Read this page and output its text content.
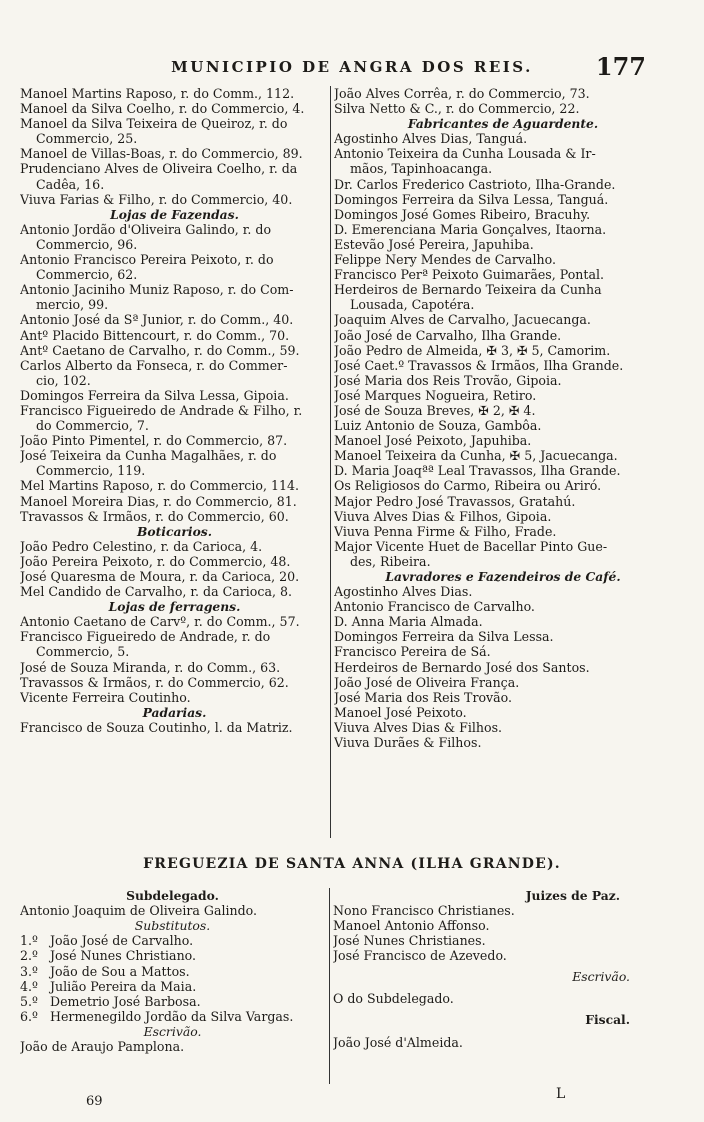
MUNICIPIO DE ANGRA DOS REIS.	177
Manoel Martins Raposo, r. do Comm., 112.
Manoel da Silva Coelho, r. do Commercio, 4.
Manoel da Silva Teixeira de Queiroz, r. do
Commercio, 25.
Manoel de Villas-Boas, r. do Commercio, 89.
Prudenciano Alves de Oliveira Coelho, r. da
Cadêa, 16.
Viuva Farias & Filho, r. do Commercio, 40.
Lojas de Fazendas.
Antonio Jordão d'Oliveira Galindo, r. do
Commercio, 96.
Antonio Francisco Pereira Peixoto, r. do
Commercio, 62.
Antonio Jaciniho Muniz Raposo, r. do Com-
mercio, 99.
Antonio José da Sª Junior, r. do Comm., 40.
Antº Placido Bittencourt, r. do Comm., 70.
Antº Caetano de Carvalho, r. do Comm., 59.
Carlos Alberto da Fonseca, r. do Commer-
cio, 102.
Domingos Ferreira da Silva Lessa, Gipoia.
Francisco Figueiredo de Andrade & Filho, r.
do Commercio, 7.
João Pinto Pimentel, r. do Commercio, 87.
José Teixeira da Cunha Magalhães, r. do
Commercio, 119.
Mel Martins Raposo, r. do Commercio, 114.
Manoel Moreira Dias, r. do Commercio, 81.
Travassos & Irmãos, r. do Commercio, 60.
Boticarios.
João Pedro Celestino, r. da Carioca, 4.
João Pereira Peixoto, r. do Commercio, 48.
José Quaresma de Moura, r. da Carioca, 20.
Mel Candido de Carvalho, r. da Carioca, 8.
Lojas de ferragens.
Antonio Caetano de Carvº, r. do Comm., 57.
Francisco Figueiredo de Andrade, r. do
Commercio, 5.
José de Souza Miranda, r. do Comm., 63.
Travassos & Irmãos, r. do Commercio, 62.
Vicente Ferreira Coutinho.
Padarias.
Francisco de Souza Coutinho, l. da Matriz.
João Alves Corrêa, r. do Commercio, 73.
Silva Netto & C., r. do Commercio, 22.
Fabricantes de Aguardente.
Agostinho Alves Dias, Tanguá.
Antonio Teixeira da Cunha Lousada & Ir-
mãos, Tapinhoacanga.
Dr. Carlos Frederico Castrioto, Ilha-Grande.
Domingos Ferreira da Silva Lessa, Tanguá.
Domingos José Gomes Ribeiro, Bracuhy.
D. Emerenciana Maria Gonçalves, Itaorna.
Estevão José Pereira, Japuhiba.
Felippe Nery Mendes de Carvalho.
Francisco Perª Peixoto Guimarães, Pontal.
Herdeiros de Bernardo Teixeira da Cunha
Lousada, Capotéra.
Joaquim Alves de Carvalho, Jacuecanga.
João José de Carvalho, Ilha Grande.
João Pedro de Almeida, ✠ 3, ✠ 5, Camorim.
José Caet.º Travassos & Irmãos, Ilha Grande.
José Maria dos Reis Trovão, Gipoia.
José Marques Nogueira, Retiro.
José de Souza Breves, ✠ 2, ✠ 4.
Luiz Antonio de Souza, Gambôa.
Manoel José Peixoto, Japuhiba.
Manoel Teixeira da Cunha, ✠ 5, Jacuecanga.
D. Maria Joaqªª Leal Travassos, Ilha Grande.
Os Religiosos do Carmo, Ribeira ou Ariró.
Major Pedro José Travassos, Gratahú.
Viuva Alves Dias & Filhos, Gipoia.
Viuva Penna Firme & Filho, Frade.
Major Vicente Huet de Bacellar Pinto Gue-
des, Ribeira.
Lavradores e Fazendeiros de Café.
Agostinho Alves Dias.
Antonio Francisco de Carvalho.
D. Anna Maria Almada.
Domingos Ferreira da Silva Lessa.
Francisco Pereira de Sá.
Herdeiros de Bernardo José dos Santos.
João José de Oliveira França.
José Maria dos Reis Trovão.
Manoel José Peixoto.
Viuva Alves Dias & Filhos.
Viuva Durães & Filhos.
FREGUEZIA DE SANTA ANNA (ILHA GRANDE).
Subdelegado.
Antonio Joaquim de Oliveira Galindo.
Substitutos.
1.º João José de Carvalho.
2.º José Nunes Christiano.
3.º João de Sou a Mattos.
4.º Julião Pereira da Maia.
5.º Demetrio José Barbosa.
6.º Hermenegildo Jordão da Silva Vargas.
Escrivão.
João de Araujo Pamplona.
Juizes de Paz.
Nono Francisco Christianes.
Manoel Antonio Affonso.
José Nunes Christianes.
José Francisco de Azevedo.
Escrivão.
O do Subdelegado.
Fiscal.
João José d'Almeida.
69	L
